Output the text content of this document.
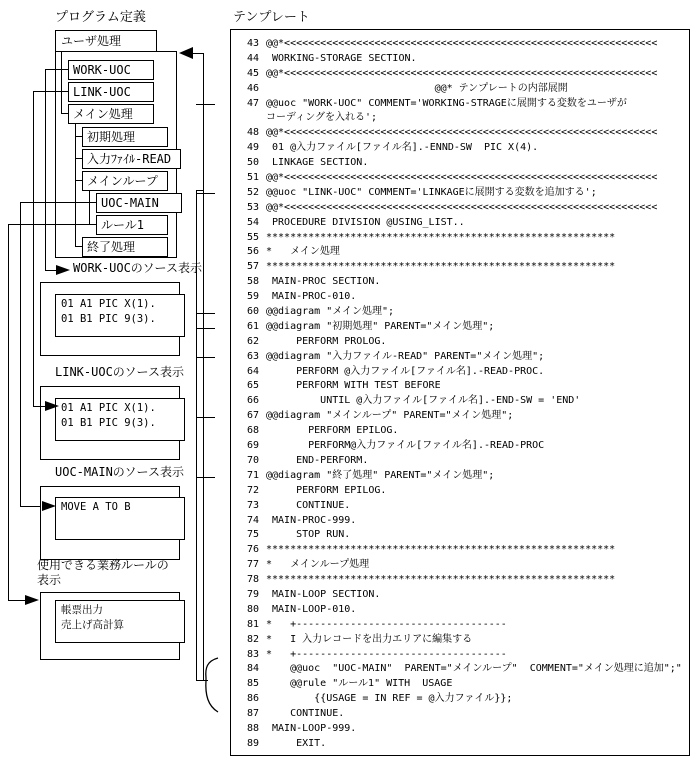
プログラム定義	テンプレート
ユーザ処理
WORK-UOC
LINK-UOC
メイン処理
初期処理
入力ﾌｧｲﾙ-READ
メインループ
UOC-MAIN
ルール1
終了処理
WORK-UOCのソース表示
01 A1 PIC X(1).
01 B1 PIC 9(3).
LINK-UOCのソース表示
01 A1 PIC X(1).
01 B1 PIC 9(3).
UOC-MAINのソース表示
MOVE A TO B
使用できる業務ルールの表示
帳票出力
売上げ高計算
43 @@*<<<<<<<<<<<<<<<<<<<<<<<<<<<<<<<<<<<<<<<<<<<<<<<<<<<<<<<<<<<<<<
44 WORKING-STORAGE SECTION.
45 @@*<<<<<<<<<<<<<<<<<<<<<<<<<<<<<<<<<<<<<<<<<<<<<<<<<<<<<<<<<<<<<<
46                            @@* テンプレートの内部展開
47 @@uoc "WORK-UOC" COMMENT='WORKING-STRAGEに展開する変数をユーザが
コーディングを入れる';
48 @@*<<<<<<<<<<<<<<<<<<<<<<<<<<<<<<<<<<<<<<<<<<<<<<<<<<<<<<<<<<<<<<
49 01 @入力ファイル[ファイル名].-ENND-SW  PIC X(4).
50 LINKAGE SECTION.
51 @@*<<<<<<<<<<<<<<<<<<<<<<<<<<<<<<<<<<<<<<<<<<<<<<<<<<<<<<<<<<<<<<
52 @@uoc "LINK-UOC" COMMENT='LINKAGEに展開する変数を追加する';
53 @@*<<<<<<<<<<<<<<<<<<<<<<<<<<<<<<<<<<<<<<<<<<<<<<<<<<<<<<<<<<<<<<
54 PROCEDURE DIVISION @USING_LIST..
55 **********************************************************
56 *   メイン処理
57 **********************************************************
58 MAIN-PROC SECTION.
59 MAIN-PROC-010.
60 @@diagram "メイン処理";
61 @@diagram "初期処理" PARENT="メイン処理";
62     PERFORM PROLOG.
63 @@diagram "入力ファイル-READ" PARENT="メイン処理";
64     PERFORM @入力ファイル[ファイル名].-READ-PROC.
65     PERFORM WITH TEST BEFORE
66         UNTIL @入力ファイル[ファイル名].-END-SW = 'END'
67 @@diagram "メインループ" PARENT="メイン処理";
68       PERFORM EPILOG.
69       PERFORM@入力ファイル[ファイル名].-READ-PROC
70     END-PERFORM.
71 @@diagram "終了処理" PARENT="メイン処理";
72     PERFORM EPILOG.
73     CONTINUE.
74 MAIN-PROC-999.
75     STOP RUN.
76 **********************************************************
77 *   メインループ処理
78 **********************************************************
79 MAIN-LOOP SECTION.
80 MAIN-LOOP-010.
81 *   +-----------------------------------
82 *   I 入力レコードを出力エリアに編集する
83 *   +-----------------------------------
84    @@uoc  "UOC-MAIN"  PARENT="メインループ"  COMMENT="メイン処理に追加";"
85    @@rule "ルール1" WITH  USAGE
86        {{USAGE = IN REF = @入力ファイル}};
87    CONTINUE.
88 MAIN-LOOP-999.
89     EXIT.
